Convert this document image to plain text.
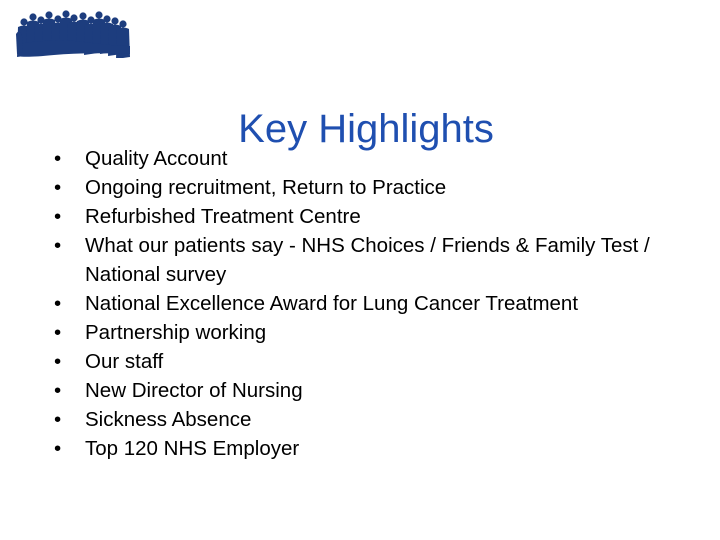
Key Highlights
•	Quality Account
•	Ongoing recruitment, Return to Practice
•	Refurbished Treatment Centre
•	What our patients say - NHS Choices / Friends & Family Test / National survey
•	National Excellence Award for Lung Cancer Treatment
•	Partnership working
•	Our staff
•	New Director of Nursing
•	Sickness Absence
•	Top 120 NHS Employer
